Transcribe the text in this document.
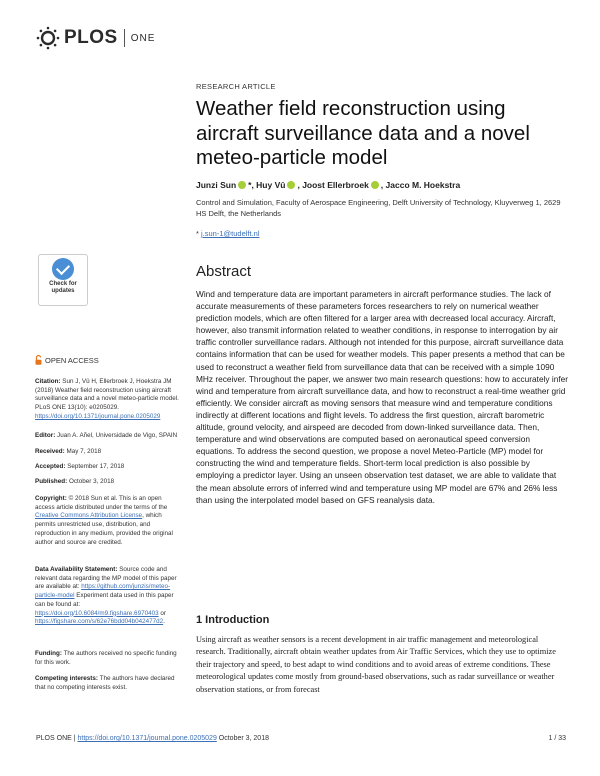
PLOS ONE
Check for
updates
OPEN ACCESS
Citation: Sun J, Vû H, Ellerbroek J, Hoekstra JM (2018) Weather field reconstruction using aircraft surveillance data and a novel meteo-particle model. PLoS ONE 13(10): e0205029. https://doi.org/10.1371/journal.pone.0205029
Editor: Juan A. Añel, Universidade de Vigo, SPAIN
Received: May 7, 2018
Accepted: September 17, 2018
Published: October 3, 2018
Copyright: © 2018 Sun et al. This is an open access article distributed under the terms of the Creative Commons Attribution License, which permits unrestricted use, distribution, and reproduction in any medium, provided the original author and source are credited.
Data Availability Statement: Source code and relevant data regarding the MP model of this paper are available at: https://github.com/junzis/meteo-particle-model Experiment data used in this paper can be found at: https://doi.org/10.6084/m9.figshare.6970403 or https://figshare.com/s/62e76bdd04b042477d2.
Funding: The authors received no specific funding for this work.
Competing interests: The authors have declared that no competing interests exist.
RESEARCH ARTICLE
Weather field reconstruction using aircraft surveillance data and a novel meteo-particle model
Junzi Sun *, Huy Vû , Joost Ellerbroek , Jacco M. Hoekstra
Control and Simulation, Faculty of Aerospace Engineering, Delft University of Technology, Kluyverweg 1, 2629 HS Delft, the Netherlands
* j.sun-1@tudelft.nl
Abstract
Wind and temperature data are important parameters in aircraft performance studies. The lack of accurate measurements of these parameters forces researchers to rely on numerical weather prediction models, which are often filtered for a larger area with decreased local accuracy. Aircraft, however, also transmit information related to weather conditions, in response to interrogation by air traffic controller surveillance radars. Although not intended for this purpose, aircraft surveillance data contains information that can be used for weather models. This paper presents a method that can be used to reconstruct a weather field from surveillance data that can be received with a simple 1090 MHz receiver. Throughout the paper, we answer two main research questions: how to accurately infer wind and temperature from aircraft surveillance data, and how to reconstruct a real-time weather grid efficiently. We consider aircraft as moving sensors that measure wind and temperature conditions indirectly at different locations and flight levels. To address the first question, aircraft barometric altitude, ground velocity, and airspeed are decoded from down-linked surveillance data. Then, temperature and wind observations are computed based on aeronautical speed conversion equations. To address the second question, we propose a novel Meteo-Particle (MP) model for constructing the wind and temperature fields. Short-term local prediction is also possible by employing a predictor layer. Using an unseen observation test dataset, we are able to validate that the mean absolute errors of inferred wind and temperature using MP model are 67% and 26% less than using the interpolated model based on GFS reanalysis data.
1 Introduction
Using aircraft as weather sensors is a recent development in air traffic management and meteorological research. Traditionally, aircraft obtain weather updates from Air Traffic Services, which they use to optimize their trajectory and speed, to best adapt to wind conditions and to avoid areas of extreme conditions. These meteorological updates come mostly from ground-based observations, such as radar surveillance or weather observation stations, or from forecast
PLOS ONE | https://doi.org/10.1371/journal.pone.0205029 October 3, 2018	1 / 33
